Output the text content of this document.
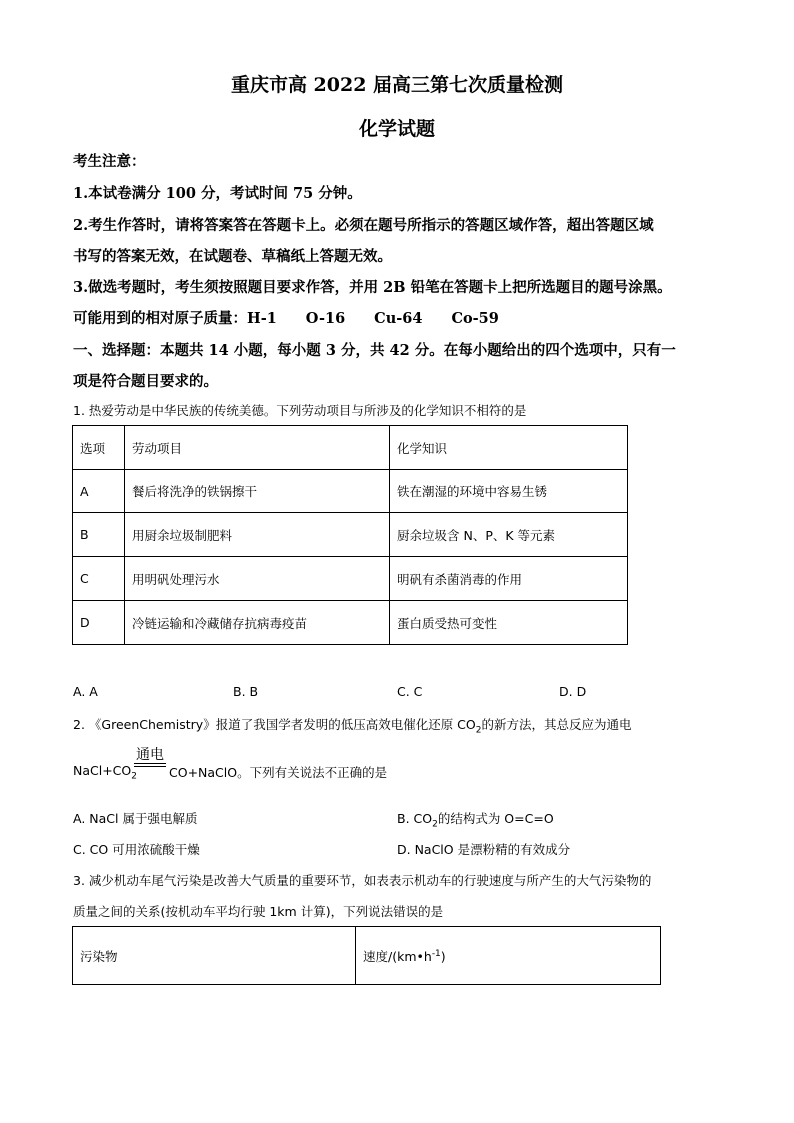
重庆市高 2022 届高三第七次质量检测
化学试题
考生注意：
1.本试卷满分 100 分，考试时间 75 分钟。
2.考生作答时，请将答案答在答题卡上。必须在题号所指示的答题区域作答，超出答题区域
书写的答案无效，在试题卷、草稿纸上答题无效。
3.做选考题时，考生须按照题目要求作答，并用 2B 铅笔在答题卡上把所选题目的题号涂黑。
可能用到的相对原子质量：H-1　　O-16　　Cu-64　　Co-59
一、选择题：本题共 14 小题，每小题 3 分，共 42 分。在每小题给出的四个选项中，只有一
项是符合题目要求的。
1. 热爱劳动是中华民族的传统美德。下列劳动项目与所涉及的化学知识不相符的是
选项	劳动项目	化学知识
A	餐后将洗净的铁锅擦干	铁在潮湿的环境中容易生锈
B	用厨余垃圾制肥料	厨余垃圾含 N、P、K 等元素
C	用明矾处理污水	明矾有杀菌消毒的作用
D	冷链运输和冷藏储存抗病毒疫苗	蛋白质受热可变性
A. A	B. B	C. C	D. D
2. 《GreenChemistry》报道了我国学者发明的低压高效电催化还原 $CO_2$的新方法，其总反应为通电
通电
$NaCl+CO_2$	CO+NaClO。下列有关说法不正确的是
A. NaCl 属于强电解质	B. $CO_2$的结构式为 O=C=O
C. CO 可用浓硫酸干燥	D. NaClO 是漂粉精的有效成分
3. 减少机动车尾气污染是改善大气质量的重要环节，如表表示机动车的行驶速度与所产生的大气污染物的
质量之间的关系(按机动车平均行驶 1km 计算)，下列说法错误的是
污染物	速度$/(km•h^{-1})$
